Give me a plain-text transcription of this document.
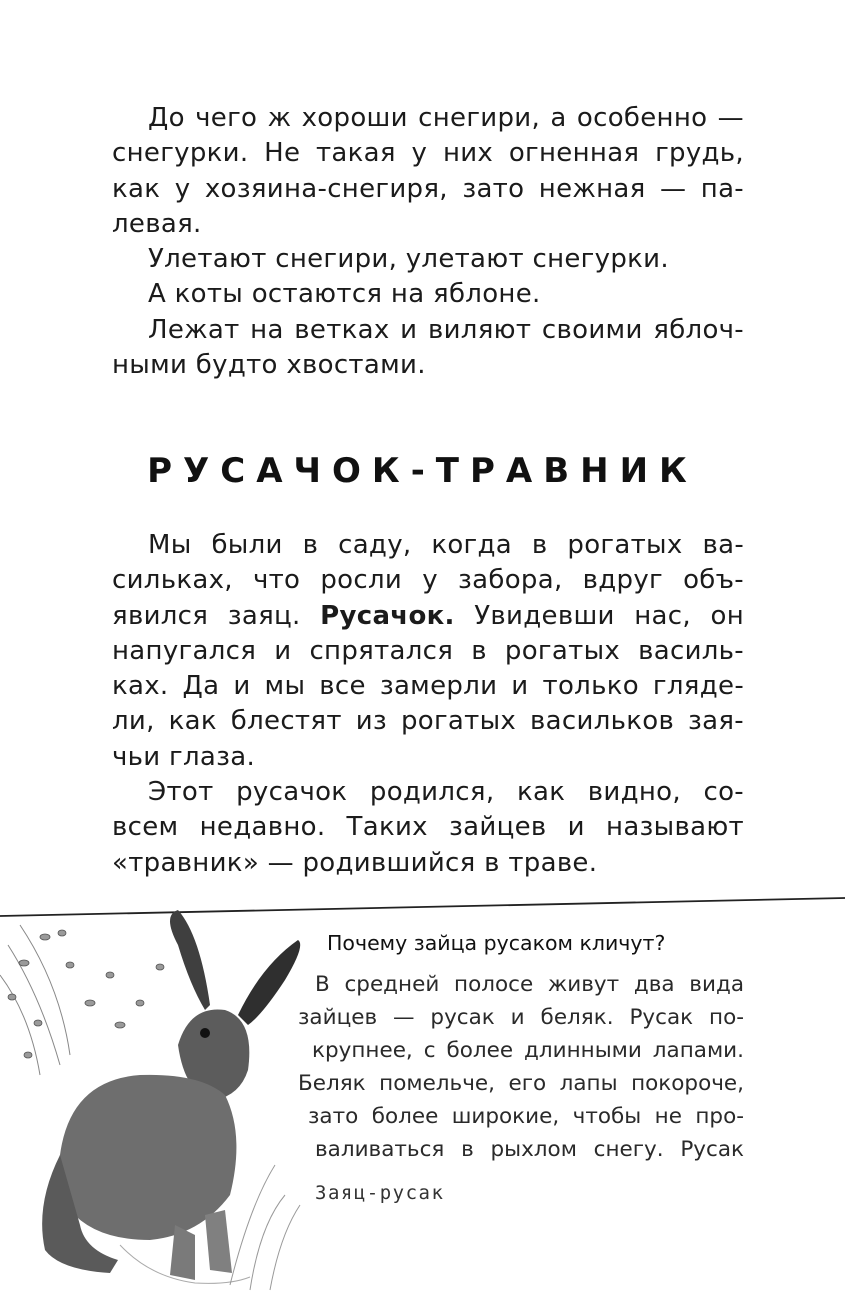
До чего ж хороши снегири, а особенно —
снегурки. Не такая у них огненная грудь,
как у хозяина-снегиря, зато нежная — па-
левая.
Улетают снегири, улетают снегурки.
А коты остаются на яблоне.
Лежат на ветках и виляют своими яблоч-
ными будто хвостами.
РУСАЧОК-ТРАВНИК
Мы были в саду, когда в рогатых ва-
сильках, что росли у забора, вдруг объ-
явился заяц. Русачок. Увидевши нас, он
напугался и спрятался в рогатых василь-
ках. Да и мы все замерли и только гляде-
ли, как блестят из рогатых васильков зая-
чьи глаза.
Этот русачок родился, как видно, со-
всем недавно. Таких зайцев и называют
«травник» — родившийся в траве.
Почему зайца русаком кличут?
В средней полосе живут два вида
зайцев — русак и беляк. Русак по-
крупнее, с более длинными лапами.
Беляк помельче, его лапы покороче,
зато более широкие, чтобы не про-
валиваться в рыхлом снегу. Русак
Заяц-русак
